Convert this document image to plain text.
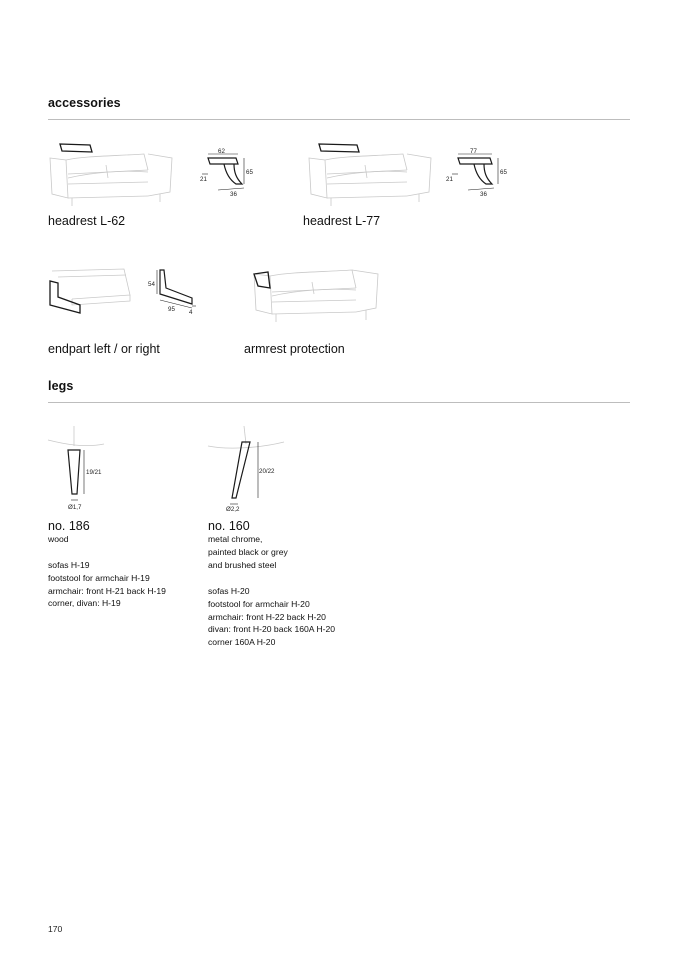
accessories
62
65
36
21
headrest L-62
77
65
36
21
headrest L-77
54
95 4
endpart left / or right	armrest protection
legs
19/21
Ø1,7
no. 186
wood
sofas H-19
footstool for armchair H-19
armchair: front H-21 back H-19
corner, divan: H-19
20/22
Ø2,2
no. 160
metal chrome,
painted black or grey
and brushed steel
sofas H-20
footstool for armchair H-20
armchair: front H-22 back H-20
divan: front H-20 back 160A H-20
corner 160A H-20
170
